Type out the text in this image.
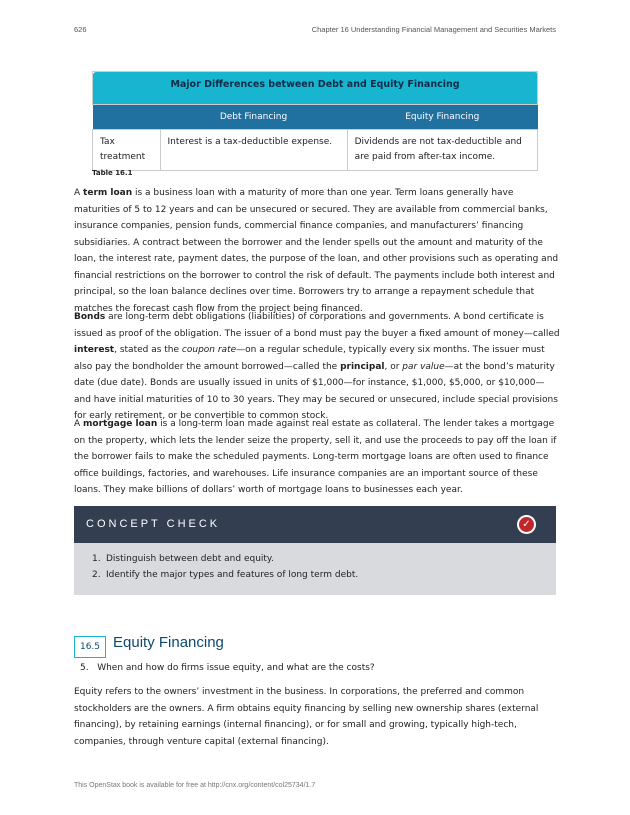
626	Chapter 16 Understanding Financial Management and Securities Markets
Major Differences between Debt and Equity Financing		
	Debt Financing	Equity Financing
Tax treatment	Interest is a tax-deductible expense.	Dividends are not tax-deductible and are paid from after-tax income.
Table 16.1

A term loan is a business loan with a maturity of more than one year. Term loans generally have maturities of 5 to 12 years and can be unsecured or secured. They are available from commercial banks, insurance companies, pension funds, commercial finance companies, and manufacturers’ financing subsidiaries. A contract between the borrower and the lender spells out the amount and maturity of the loan, the interest rate, payment dates, the purpose of the loan, and other provisions such as operating and financial restrictions on the borrower to control the risk of default. The payments include both interest and principal, so the loan balance declines over time. Borrowers try to arrange a repayment schedule that matches the forecast cash flow from the project being financed.

Bonds are long-term debt obligations (liabilities) of corporations and governments. A bond certificate is issued as proof of the obligation. The issuer of a bond must pay the buyer a fixed amount of money—called interest, stated as the coupon rate—on a regular schedule, typically every six months. The issuer must also pay the bondholder the amount borrowed—called the principal, or par value—at the bond’s maturity date (due date). Bonds are usually issued in units of $1,000—for instance, $1,000, $5,000, or $10,000—and have initial maturities of 10 to 30 years. They may be secured or unsecured, include special provisions for early retirement, or be convertible to common stock.

A mortgage loan is a long-term loan made against real estate as collateral. The lender takes a mortgage on the property, which lets the lender seize the property, sell it, and use the proceeds to pay off the loan if the borrower fails to make the scheduled payments. Long-term mortgage loans are often used to finance office buildings, factories, and warehouses. Life insurance companies are an important source of these loans. They make billions of dollars’ worth of mortgage loans to businesses each year.

CONCEPT CHECK	✓
1. Distinguish between debt and equity.
2. Identify the major types and features of long term debt.
16.5 Equity Financing
5. When and how do firms issue equity, and what are the costs?

Equity refers to the owners’ investment in the business. In corporations, the preferred and common stockholders are the owners. A firm obtains equity financing by selling new ownership shares (external financing), by retaining earnings (internal financing), or for small and growing, typically high-tech, companies, through venture capital (external financing).

This OpenStax book is available for free at http://cnx.org/content/col25734/1.7
